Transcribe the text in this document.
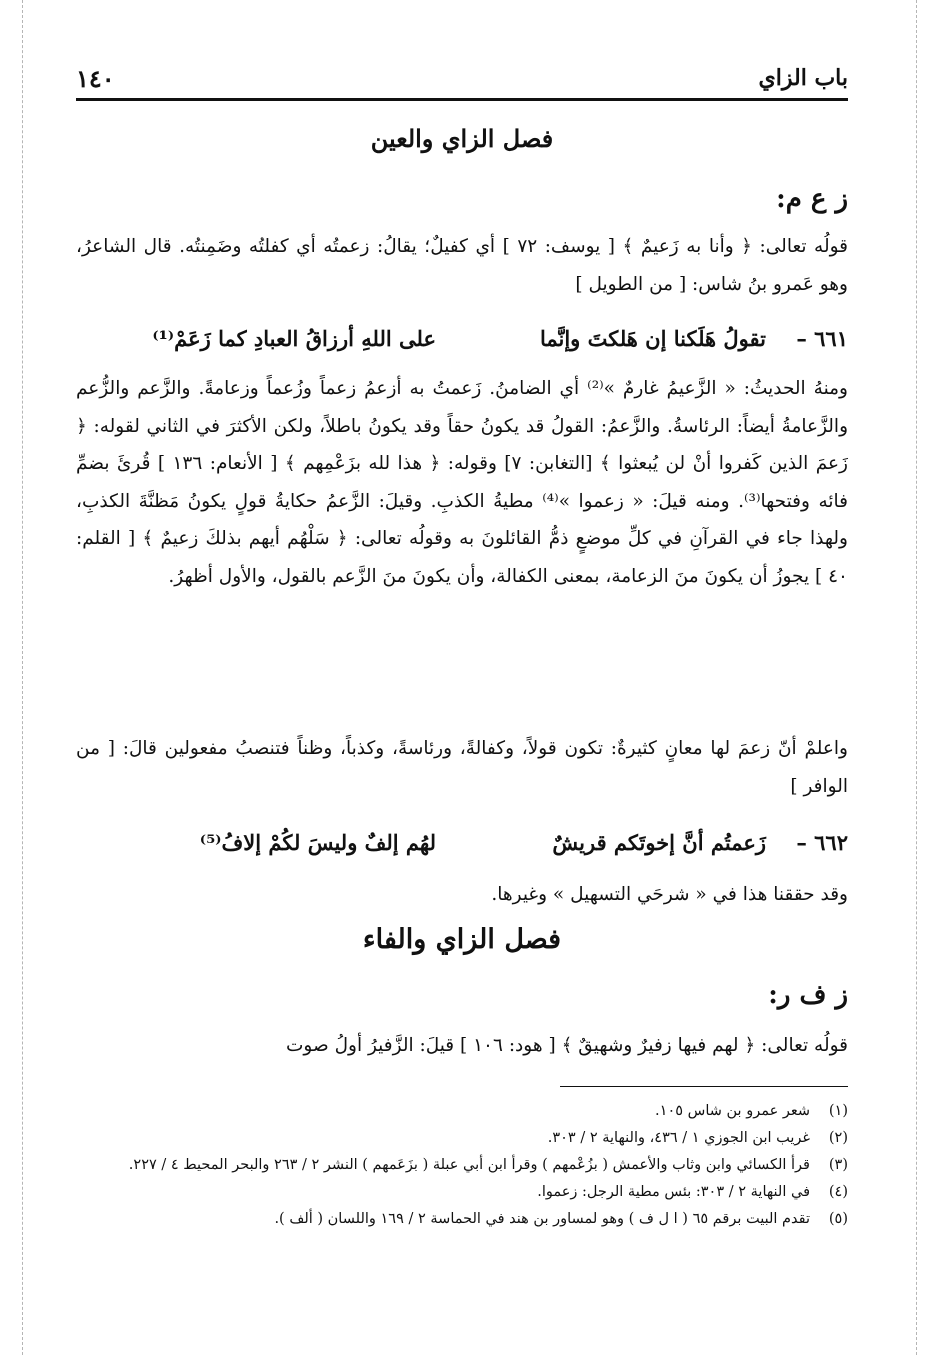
باب الزاي
١٤٠
فصل الزاي والعين
ز ع م:
قولُه تعالى: ﴿ وأنا به زَعيمٌ ﴾ [ يوسف: ٧٢ ] أي كفيلٌ؛ يقالُ: زعمتُه أي كفلتُه وضَمِنتُه. قال الشاعرُ، وهو عَمرو بنُ شاس: [ من الطويل ]
٦٦١ –
تقولُ هَلَكنا إن هَلكتَ وإنَّما
على اللهِ أرزاقُ العبادِ كما زَعَمْ⁽¹⁾
ومنهُ الحديثُ: « الزَّعيمُ غارمٌ »⁽²⁾ أي الضامنُ. زَعمتُ به أزعمُ زعماً وزُعماً وزعامةً. والزَّعم والزُّعم والزَّعامةُ أيضاً: الرئاسةُ. والزَّعمُ: القولُ قد يكونُ حقاً وقد يكونُ باطلاً، ولكن الأكثرَ في الثاني لقوله: ﴿ زَعمَ الذين كَفروا أنْ لن يُبعثوا ﴾ [التغابن: ٧] وقوله: ﴿ هذا لله بزَعْمِهم ﴾ [ الأنعام: ١٣٦ ] قُرئَ بضمِّ فائه وفتحها⁽³⁾. ومنه قيلَ: « زعموا »⁽⁴⁾ مطيةُ الكذبِ. وقيلَ: الزَّعمُ حكايةُ قولٍ يكونُ مَظنَّةَ الكذبِ، ولهذا جاء في القرآنِ في كلِّ موضعٍ ذمُّ القائلونَ به وقولُه تعالى: ﴿ سَلْهُم أيهم بذلكَ زعيمٌ ﴾ [ القلم: ٤٠ ] يجوزُ أن يكونَ منَ الزعامة، بمعنى الكفالة، وأن يكونَ منَ الزَّعم بالقول، والأول أظهرُ.
واعلمْ أنّ زعمَ لها معانٍ كثيرةٌ: تكون قولاً، وكفالةً، ورئاسةً، وكذباً، وظناً فتنصبُ مفعولين قالَ: [ من الوافر ]
٦٦٢ –
زَعمتُم أنَّ إخوتَكم قريشٌ
لهُم إلفٌ وليسَ لكُمْ إلافُ⁽⁵⁾
وقد حققنا هذا في « شرحَي التسهيل » وغيرها.
فصل الزاي والفاء
ز ف ر:
قولُه تعالى: ﴿ لهم فيها زفيرٌ وشهيقٌ ﴾ [ هود: ١٠٦ ] قيلَ: الزَّفيرُ أولُ صوت
(١)شعر عمرو بن شاس ١٠٥.
(٢)غريب ابن الجوزي ١ / ٤٣٦، والنهاية ٢ / ٣٠٣.
(٣)قرأ الكسائي وابن وثاب والأعمش ( بزُعْمهم ) وقرأ ابن أبي عبلة ( بزَعَمهم ) النشر ٢ / ٢٦٣ والبحر المحيط ٤ / ٢٢٧.
(٤)في النهاية ٢ / ٣٠٣: بئس مطية الرجل: زعموا.
(٥)تقدم البيت برقم ٦٥ ( ا ل ف ) وهو لمساور بن هند في الحماسة ٢ / ١٦٩ واللسان ( ألف ).
